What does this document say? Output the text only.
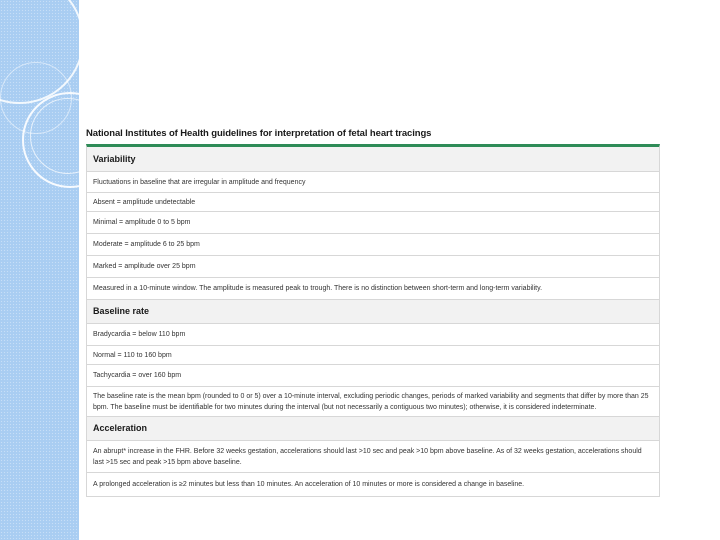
National Institutes of Health guidelines for interpretation of fetal heart tracings
Variability
Fluctuations in baseline that are irregular in amplitude and frequency
Absent = amplitude undetectable
Minimal = amplitude 0 to 5 bpm
Moderate = amplitude 6 to 25 bpm
Marked = amplitude over 25 bpm
Measured in a 10-minute window. The amplitude is measured peak to trough. There is no distinction between short-term and long-term variability.
Baseline rate
Bradycardia = below 110 bpm
Normal = 110 to 160 bpm
Tachycardia = over 160 bpm
The baseline rate is the mean bpm (rounded to 0 or 5) over a 10-minute interval, excluding periodic changes, periods of marked variability and segments that differ by more than 25 bpm. The baseline must be identifiable for two minutes during the interval (but not necessarily a contiguous two minutes); otherwise, it is considered indeterminate.
Acceleration
An abrupt* increase in the FHR. Before 32 weeks gestation, accelerations should last >10 sec and peak >10 bpm above baseline. As of 32 weeks gestation, accelerations should last >15 sec and peak >15 bpm above baseline.
A prolonged acceleration is ≥2 minutes but less than 10 minutes. An acceleration of 10 minutes or more is considered a change in baseline.
